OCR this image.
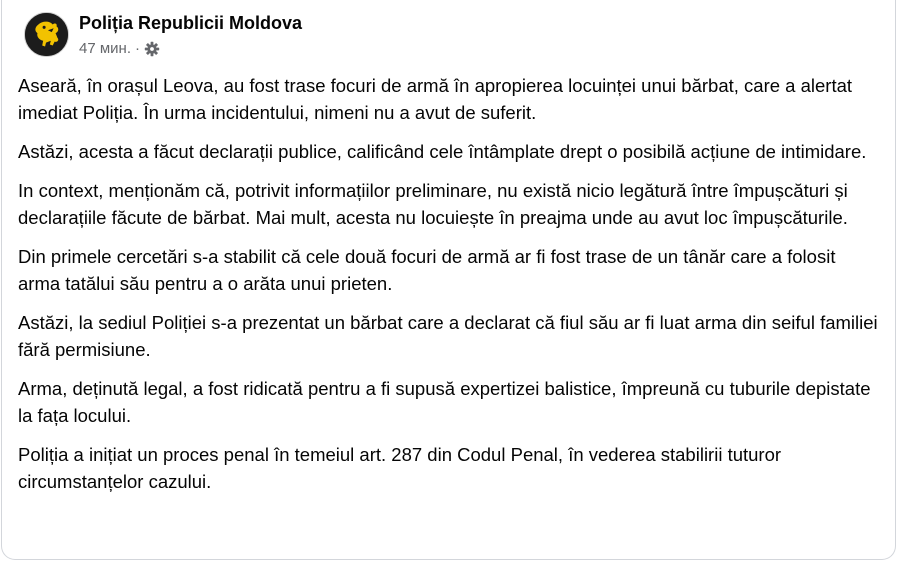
Poliția Republicii Moldova
47 мин. ·

Aseară, în orașul Leova, au fost trase focuri de armă în apropierea locuinței unui bărbat, care a alertat imediat Poliția. În urma incidentului, nimeni nu a avut de suferit.

Astăzi, acesta a făcut declarații publice, calificând cele întâmplate drept o posibilă acțiune de intimidare.

In context, menționăm că, potrivit informațiilor preliminare, nu există nicio legătură între împușcături și declarațiile făcute de bărbat. Mai mult, acesta nu locuiește în preajma unde au avut loc împușcăturile.

Din primele cercetări s-a stabilit că cele două focuri de armă ar fi fost trase de un tânăr care a folosit arma tatălui său pentru a o arăta unui prieten.

Astăzi, la sediul Poliției s-a prezentat un bărbat care a declarat că fiul său ar fi luat arma din seiful familiei fără permisiune.

Arma, deținută legal, a fost ridicată pentru a fi supusă expertizei balistice, împreună cu tuburile depistate la fața locului.

Poliția a inițiat un proces penal în temeiul art. 287 din Codul Penal, în vederea stabilirii tuturor circumstanțelor cazului.
